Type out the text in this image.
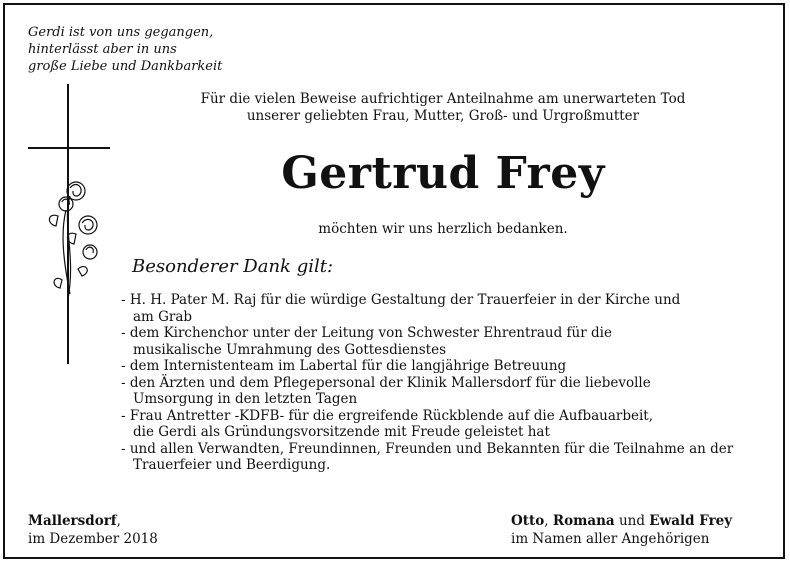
Gerdi ist von uns gegangen,
hinterlässt aber in uns
große Liebe und Dankbarkeit
Für die vielen Beweise aufrichtiger Anteilnahme am unerwarteten Tod
unserer geliebten Frau, Mutter, Groß- und Urgroßmutter
Gertrud Frey
möchten wir uns herzlich bedanken.
Besonderer Dank gilt:
- H. H. Pater M. Raj für die würdige Gestaltung der Trauerfeier in der Kirche und
am Grab
- dem Kirchenchor unter der Leitung von Schwester Ehrentraud für die
musikalische Umrahmung des Gottesdienstes
- dem Internistenteam im Labertal für die langjährige Betreuung
- den Ärzten und dem Pflegepersonal der Klinik Mallersdorf für die liebevolle
Umsorgung in den letzten Tagen
- Frau Antretter -KDFB- für die ergreifende Rückblende auf die Aufbauarbeit,
die Gerdi als Gründungsvorsitzende mit Freude geleistet hat
- und allen Verwandten, Freundinnen, Freunden und Bekannten für die Teilnahme an der
Trauerfeier und Beerdigung.
Mallersdorf,
im Dezember 2018
Otto, Romana und Ewald Frey
im Namen aller Angehörigen
